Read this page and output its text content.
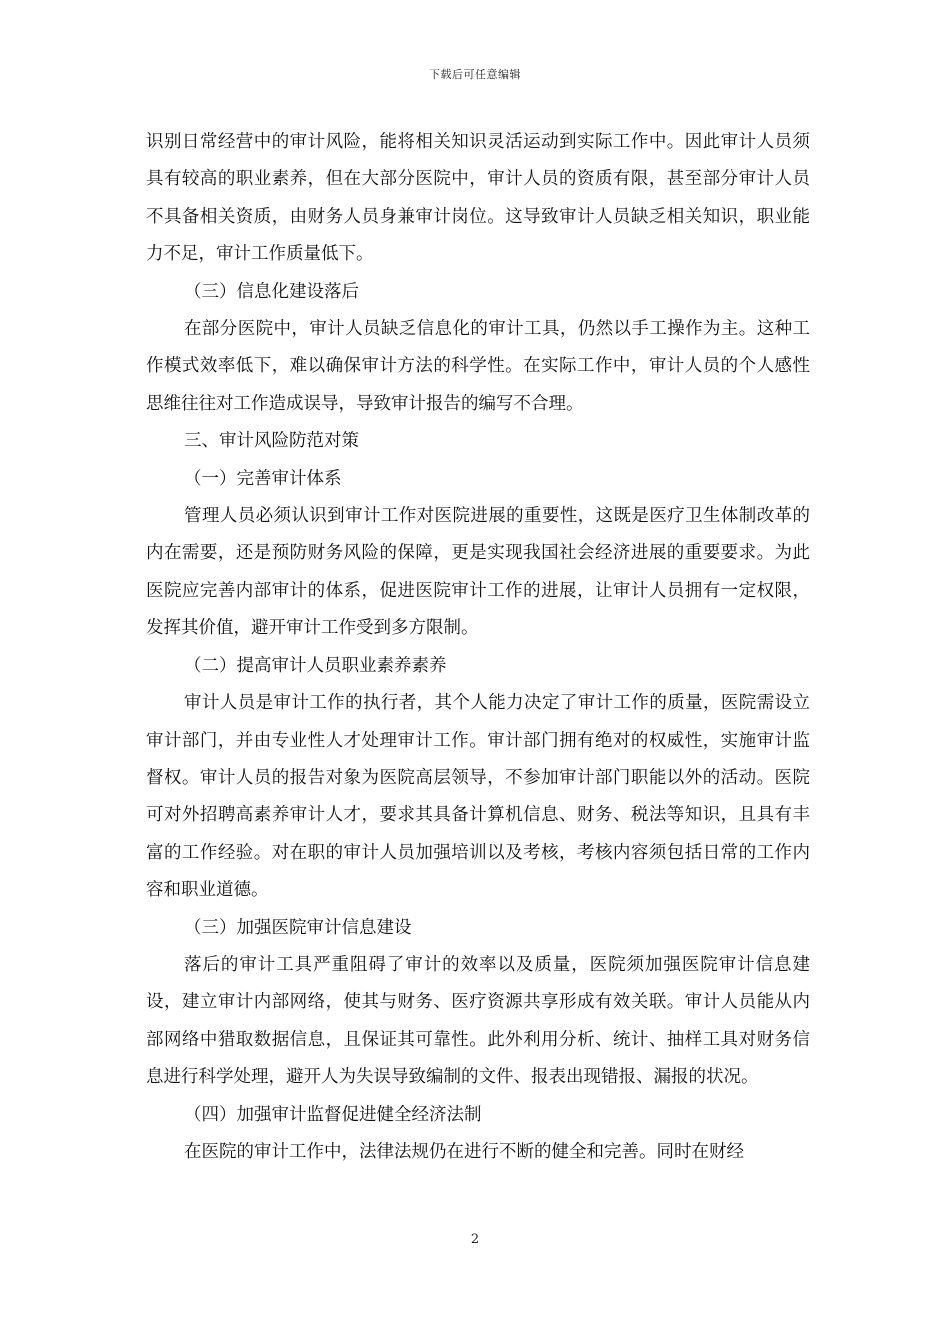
下载后可任意编辑

识别日常经营中的审计风险，能将相关知识灵活运动到实际工作中。因此审计人员须具有较高的职业素养，但在大部分医院中，审计人员的资质有限，甚至部分审计人员不具备相关资质，由财务人员身兼审计岗位。这导致审计人员缺乏相关知识，职业能力不足，审计工作质量低下。

（三）信息化建设落后

在部分医院中，审计人员缺乏信息化的审计工具，仍然以手工操作为主。这种工作模式效率低下，难以确保审计方法的科学性。在实际工作中，审计人员的个人感性思维往往对工作造成误导，导致审计报告的编写不合理。

三、审计风险防范对策

（一）完善审计体系

管理人员必须认识到审计工作对医院进展的重要性，这既是医疗卫生体制改革的内在需要，还是预防财务风险的保障，更是实现我国社会经济进展的重要要求。为此医院应完善内部审计的体系，促进医院审计工作的进展，让审计人员拥有一定权限，发挥其价值，避开审计工作受到多方限制。

（二）提高审计人员职业素养素养

审计人员是审计工作的执行者，其个人能力决定了审计工作的质量，医院需设立审计部门，并由专业性人才处理审计工作。审计部门拥有绝对的权威性，实施审计监督权。审计人员的报告对象为医院高层领导，不参加审计部门职能以外的活动。医院可对外招聘高素养审计人才，要求其具备计算机信息、财务、税法等知识，且具有丰富的工作经验。对在职的审计人员加强培训以及考核，考核内容须包括日常的工作内容和职业道德。

（三）加强医院审计信息建设

落后的审计工具严重阻碍了审计的效率以及质量，医院须加强医院审计信息建设，建立审计内部网络，使其与财务、医疗资源共享形成有效关联。审计人员能从内部网络中猎取数据信息，且保证其可靠性。此外利用分析、统计、抽样工具对财务信息进行科学处理，避开人为失误导致编制的文件、报表出现错报、漏报的状况。

（四）加强审计监督促进健全经济法制

在医院的审计工作中，法律法规仍在进行不断的健全和完善。同时在财经

2
